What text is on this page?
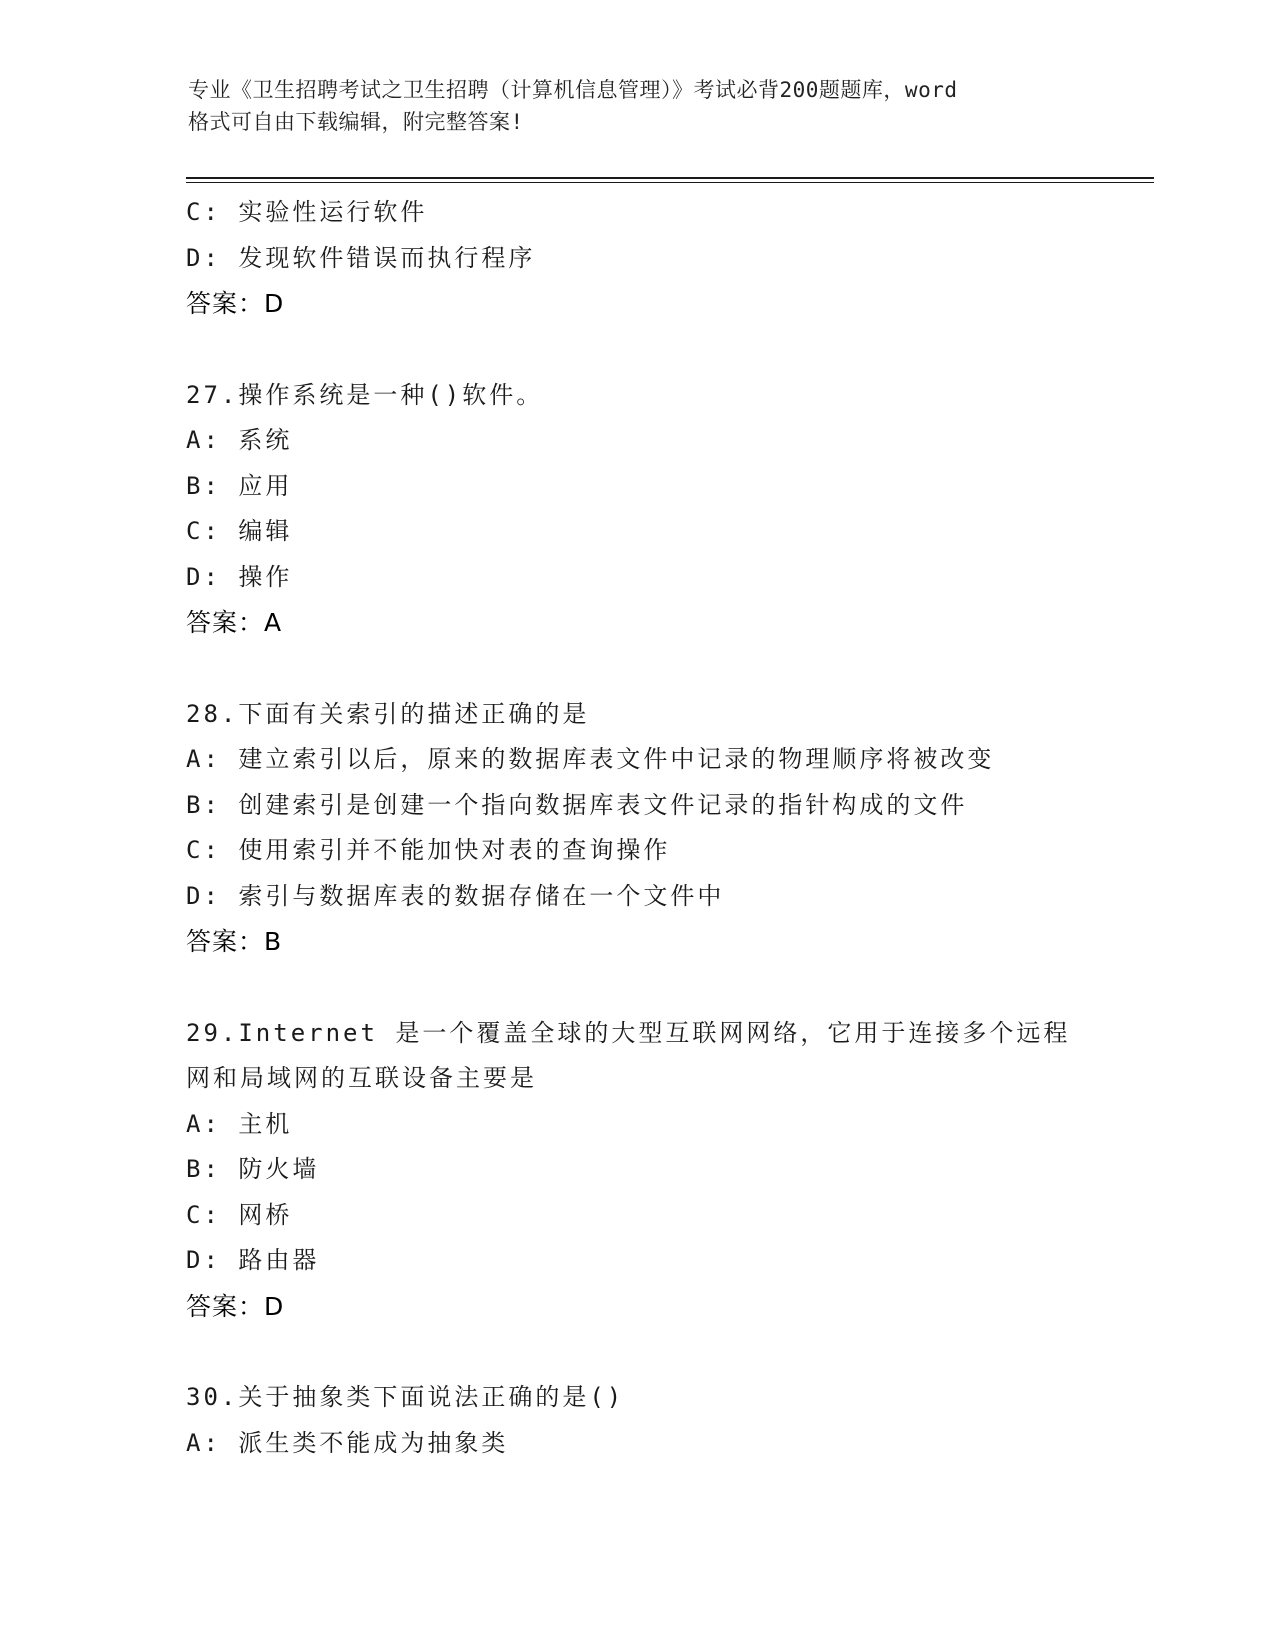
专业《卫生招聘考试之卫生招聘（计算机信息管理）》考试必背200题题库，word
格式可自由下载编辑，附完整答案!
C: 实验性运行软件
D: 发现软件错误而执行程序
答案：D
27.操作系统是一种()软件。
A: 系统
B: 应用
C: 编辑
D: 操作
答案：A
28.下面有关索引的描述正确的是
A: 建立索引以后，原来的数据库表文件中记录的物理顺序将被改变
B: 创建索引是创建一个指向数据库表文件记录的指针构成的文件
C: 使用索引并不能加快对表的查询操作
D: 索引与数据库表的数据存储在一个文件中
答案：B
29.Internet 是一个覆盖全球的大型互联网网络，它用于连接多个远程
网和局域网的互联设备主要是
A: 主机
B: 防火墙
C: 网桥
D: 路由器
答案：D
30.关于抽象类下面说法正确的是()
A: 派生类不能成为抽象类
